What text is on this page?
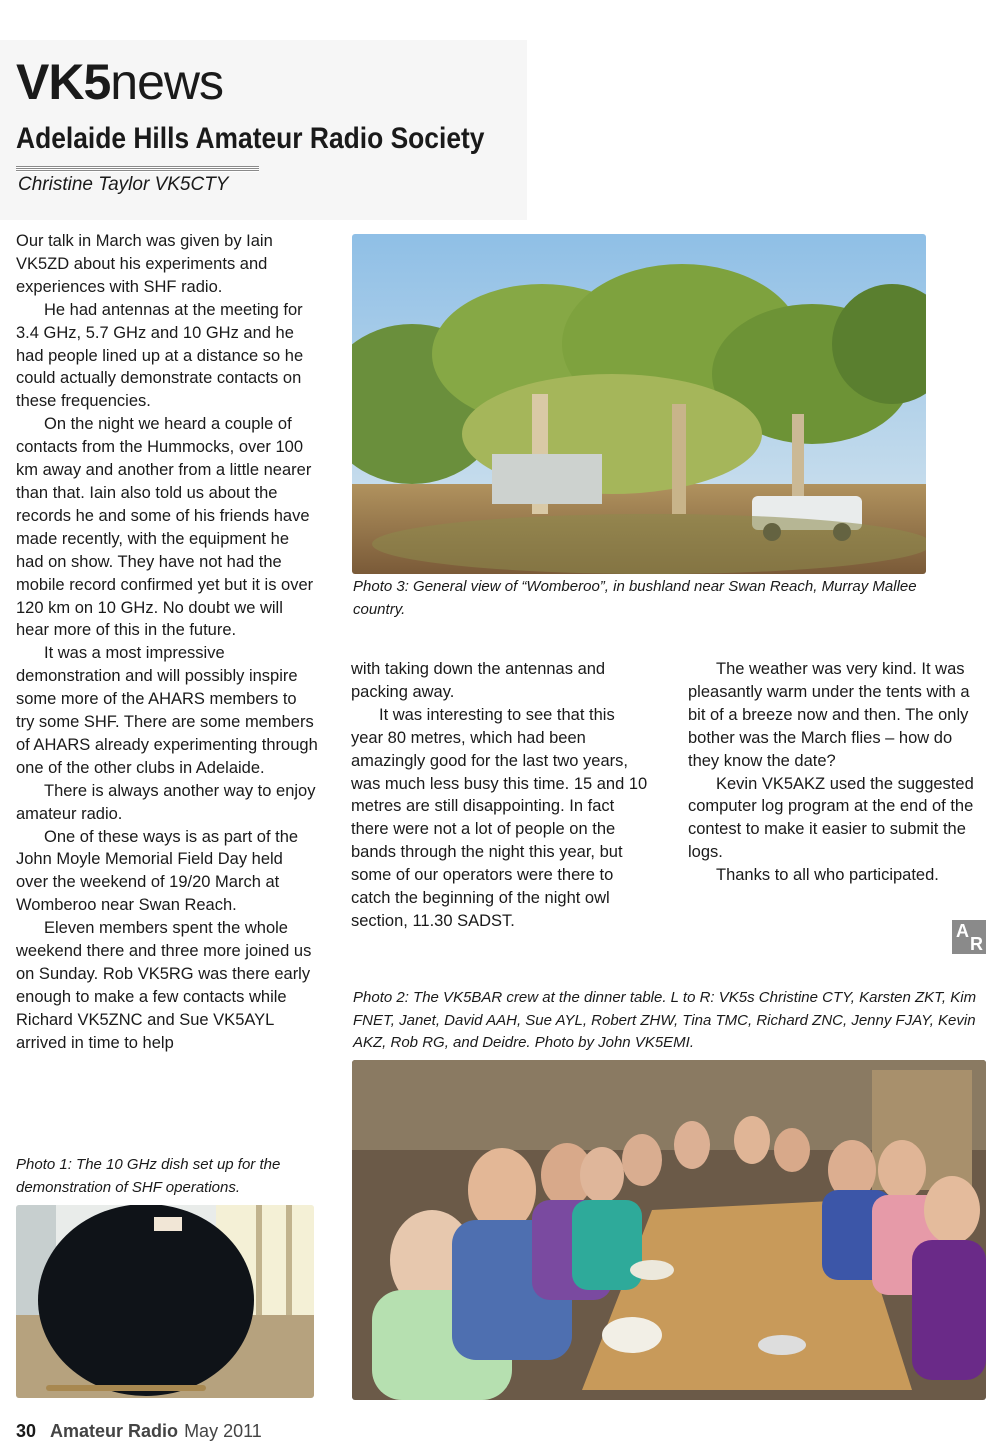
VK5news
Adelaide Hills Amateur Radio Society
Christine Taylor VK5CTY

Our talk in March was given by Iain VK5ZD about his experiments and experiences with SHF radio.

He had antennas at the meeting for 3.4 GHz, 5.7 GHz and 10 GHz and he had people lined up at a distance so he could actually demonstrate contacts on these frequencies.

On the night we heard a couple of contacts from the Hummocks, over 100 km away and another from a little nearer than that. Iain also told us about the records he and some of his friends have made recently, with the equipment he had on show. They have not had the mobile record confirmed yet but it is over 120 km on 10 GHz. No doubt we will hear more of this in the future.

It was a most impressive demonstration and will possibly inspire some more of the AHARS members to try some SHF. There are some members of AHARS already experimenting through one of the other clubs in Adelaide.

There is always another way to enjoy amateur radio.

One of these ways is as part of the John Moyle Memorial Field Day held over the weekend of 19/20 March at Womberoo near Swan Reach.

Eleven members spent the whole weekend there and three more joined us on Sunday. Rob VK5RG was there early enough to make a few contacts while Richard VK5ZNC and Sue VK5AYL arrived in time to help

Photo 3: General view of “Womberoo”, in bushland near Swan Reach, Murray Mallee country.

with taking down the antennas and packing away.

It was interesting to see that this year 80 metres, which had been amazingly good for the last two years, was much less busy this time. 15 and 10 metres are still disappointing. In fact there were not a lot of people on the bands through the night this year, but some of our operators were there to catch the beginning of the night owl section, 11.30 SADST.

The weather was very kind. It was pleasantly warm under the tents with a bit of a breeze now and then. The only bother was the March flies – how do they know the date?

Kevin VK5AKZ used the suggested computer log program at the end of the contest to make it easier to submit the logs.

Thanks to all who participated.

A
R
Photo 2: The VK5BAR crew at the dinner table. L to R: VK5s Christine CTY, Karsten ZKT, Kim FNET, Janet, David AAH, Sue AYL, Robert ZHW, Tina TMC, Richard ZNC, Jenny FJAY, Kevin AKZ, Rob RG, and Deidre. Photo by John VK5EMI.
Photo 1: The 10 GHz dish set up for the demonstration of SHF operations.
30 Amateur Radio May 2011
